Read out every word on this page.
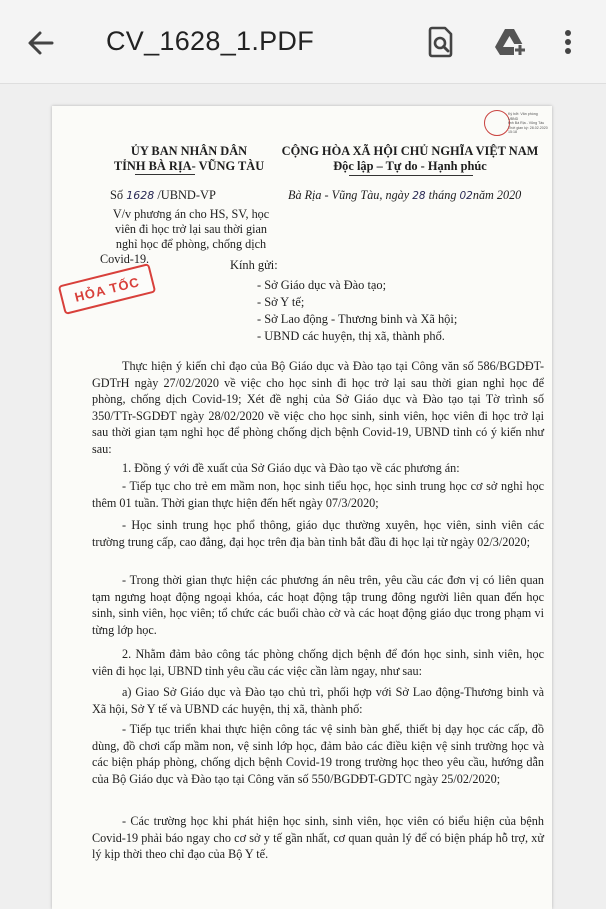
CV_1628_1.PDF
Ký bởi: Văn phòng UBND
tỉnh Bà Rịa - Vũng Tàu
Thời gian ký: 28.02.2020
15:18
ỦY BAN NHÂN DÂN
TỈNH BÀ RỊA- VŨNG TÀU
Số 1628 /UBND-VP
V/v phương án cho HS, SV, học
viên đi học trở lại sau thời gian
nghỉ học để phòng, chống dịch
Covid-19.
CỘNG HÒA XÃ HỘI CHỦ NGHĨA VIỆT NAM
Độc lập – Tự do - Hạnh phúc
Bà Rịa - Vũng Tàu, ngày 28 tháng 02năm 2020
HỎA TỐC
Kính gửi:
- Sở Giáo dục và Đào tạo;
- Sở Y tế;
- Sở Lao động - Thương binh và Xã hội;
- UBND các huyện, thị xã, thành phố.
Thực hiện ý kiến chỉ đạo của Bộ Giáo dục và Đào tạo tại Công văn số 586/BGDĐT-GDTrH ngày 27/02/2020 về việc cho học sinh đi học trở lại sau thời gian nghỉ học để phòng, chống dịch Covid-19; Xét đề nghị của Sở Giáo dục và Đào tạo tại Tờ trình số 350/TTr-SGDĐT ngày 28/02/2020 về việc cho học sinh, sinh viên, học viên đi học trở lại sau thời gian tạm nghỉ học để phòng chống dịch bệnh Covid-19, UBND tỉnh có ý kiến như sau:
1. Đồng ý với đề xuất của Sở Giáo dục và Đào tạo về các phương án:
- Tiếp tục cho trẻ em mầm non, học sinh tiểu học, học sinh trung học cơ sở nghỉ học thêm 01 tuần. Thời gian thực hiện đến hết ngày 07/3/2020;
- Học sinh trung học phổ thông, giáo dục thường xuyên, học viên, sinh viên các trường trung cấp, cao đẳng, đại học trên địa bàn tỉnh bắt đầu đi học lại từ ngày 02/3/2020;
- Trong thời gian thực hiện các phương án nêu trên, yêu cầu các đơn vị có liên quan tạm ngưng hoạt động ngoại khóa, các hoạt động tập trung đông người liên quan đến học sinh, sinh viên, học viên; tổ chức các buổi chào cờ và các hoạt động giáo dục trong phạm vi từng lớp học.
2. Nhằm đảm bảo công tác phòng chống dịch bệnh để đón học sinh, sinh viên, học viên đi học lại, UBND tỉnh yêu cầu các việc cần làm ngay, như sau:
a) Giao Sở Giáo dục và Đào tạo chủ trì, phối hợp với Sở Lao động-Thương binh và Xã hội, Sở Y tế và UBND các huyện, thị xã, thành phố:
- Tiếp tục triển khai thực hiện công tác vệ sinh bàn ghế, thiết bị dạy học các cấp, đồ dùng, đồ chơi cấp mầm non, vệ sinh lớp học, đảm bảo các điều kiện vệ sinh trường học và các biện pháp phòng, chống dịch bệnh Covid-19 trong trường học theo yêu cầu, hướng dẫn của Bộ Giáo dục và Đào tạo tại Công văn số 550/BGDĐT-GDTC ngày 25/02/2020;
- Các trường học khi phát hiện học sinh, sinh viên, học viên có biểu hiện của bệnh Covid-19 phải báo ngay cho cơ sở y tế gần nhất, cơ quan quản lý để có biện pháp hỗ trợ, xử lý kịp thời theo chỉ đạo của Bộ Y tế.
